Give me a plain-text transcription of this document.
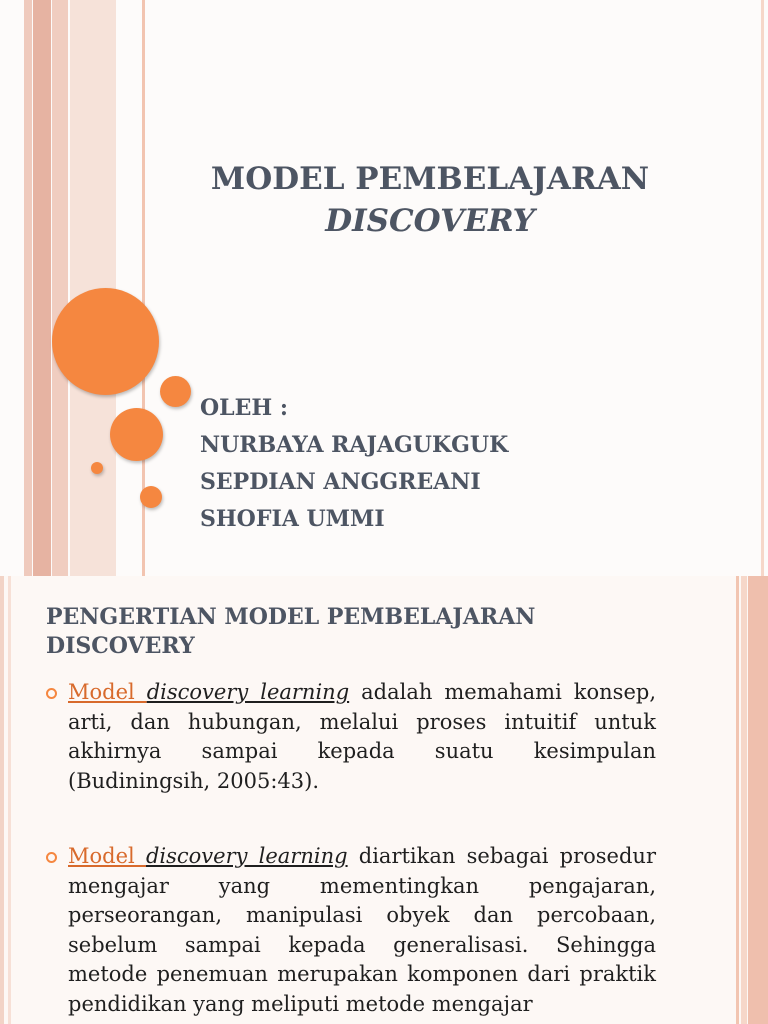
MODEL PEMBELAJARAN
DISCOVERY
OLEH :
NURBAYA RAJAGUKGUK
SEPDIAN ANGGREANI
SHOFIA UMMI
PENGERTIAN MODEL PEMBELAJARAN
DISCOVERY
Model discovery learning adalah memahami konsep, arti, dan hubungan, melalui proses intuitif untuk akhirnya sampai kepada suatu kesimpulan (Budiningsih, 2005:43).
Model discovery learning diartikan sebagai prosedur mengajar yang mementingkan pengajaran, perseorangan, manipulasi obyek dan percobaan, sebelum sampai kepada generalisasi. Sehingga metode penemuan merupakan komponen dari praktik pendidikan yang meliputi metode mengajar
